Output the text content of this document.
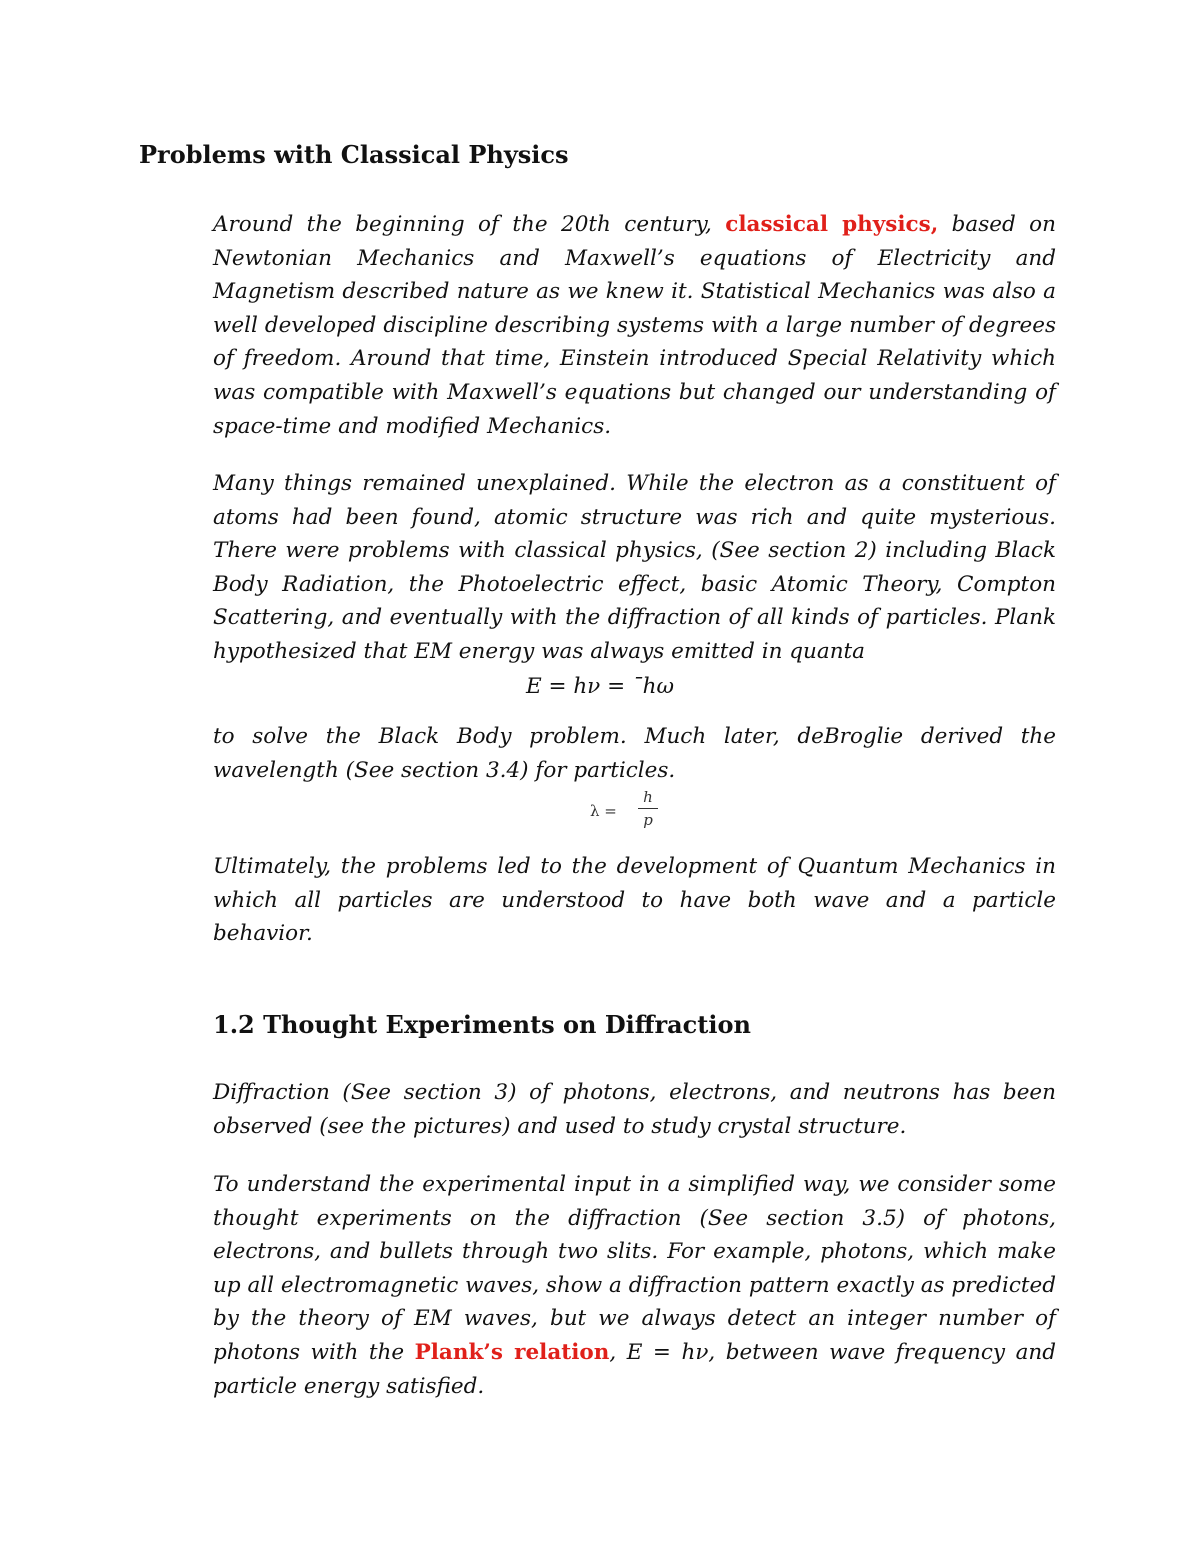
Problems with Classical Physics

Around the beginning of the 20th century, classical physics, based on Newtonian Mechanics and Maxwell’s equations of Electricity and Magnetism described nature as we knew it. Statistical Mechanics was also a well developed discipline describing systems with a large number of degrees of freedom. Around that time, Einstein introduced Special Relativity which was compatible with Maxwell’s equations but changed our understanding of space-time and modified Mechanics.

Many things remained unexplained. While the electron as a constituent of atoms had been found, atomic structure was rich and quite mysterious. There were problems with classical physics, (See section 2) including Black Body Radiation, the Photoelectric effect, basic Atomic Theory, Compton Scattering, and eventually with the diffraction of all kinds of particles. Plank hypothesized that EM energy was always emitted in quanta

E = hν = ¯hω

to solve the Black Body problem. Much later, deBroglie derived the wavelength (See section 3.4) for particles.

λ =
h
p

Ultimately, the problems led to the development of Quantum Mechanics in which all particles are understood to have both wave and a particle behavior.

1.2 Thought Experiments on Diffraction

Diffraction (See section 3) of photons, electrons, and neutrons has been observed (see the pictures) and used to study crystal structure.

To understand the experimental input in a simplified way, we consider some thought experiments on the diffraction (See section 3.5) of photons, electrons, and bullets through two slits. For example, photons, which make up all electromagnetic waves, show a diffraction pattern exactly as predicted by the theory of EM waves, but we always detect an integer number of photons with the Plank’s relation, E = hν, between wave frequency and particle energy satisfied.
